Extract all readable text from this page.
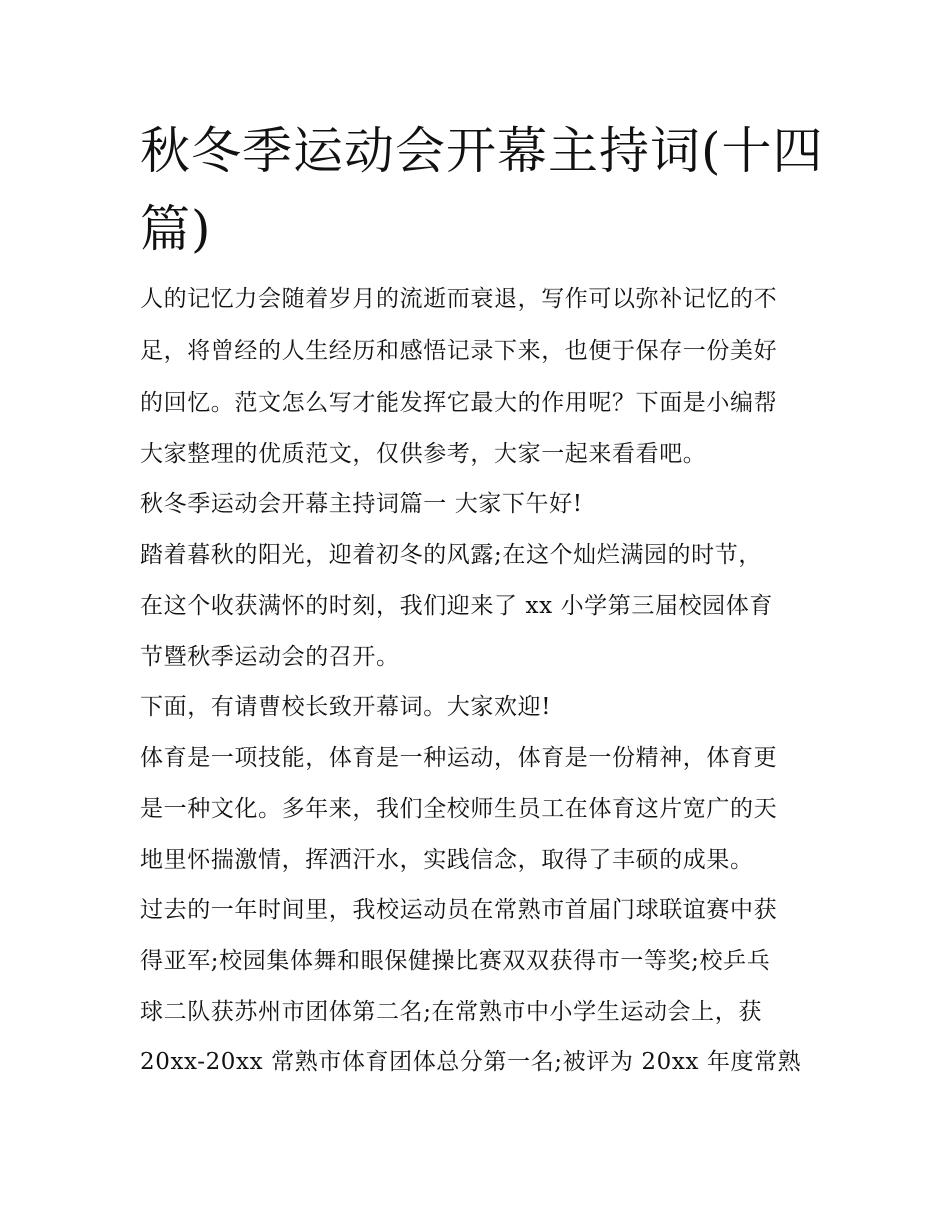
秋冬季运动会开幕主持词(十四篇)

人的记忆力会随着岁月的流逝而衰退，写作可以弥补记忆的不

足，将曾经的人生经历和感悟记录下来，也便于保存一份美好

的回忆。范文怎么写才能发挥它最大的作用呢？下面是小编帮

大家整理的优质范文，仅供参考，大家一起来看看吧。

秋冬季运动会开幕主持词篇一 大家下午好!

踏着暮秋的阳光，迎着初冬的风露;在这个灿烂满园的时节，

在这个收获满怀的时刻，我们迎来了 xx 小学第三届校园体育

节暨秋季运动会的召开。

下面，有请曹校长致开幕词。大家欢迎!

体育是一项技能，体育是一种运动，体育是一份精神，体育更

是一种文化。多年来，我们全校师生员工在体育这片宽广的天

地里怀揣激情，挥洒汗水，实践信念，取得了丰硕的成果。

过去的一年时间里，我校运动员在常熟市首届门球联谊赛中获

得亚军;校园集体舞和眼保健操比赛双双获得市一等奖;校乒乓

球二队获苏州市团体第二名;在常熟市中小学生运动会上，获

20xx-20xx 常熟市体育团体总分第一名;被评为 20xx 年度常熟
